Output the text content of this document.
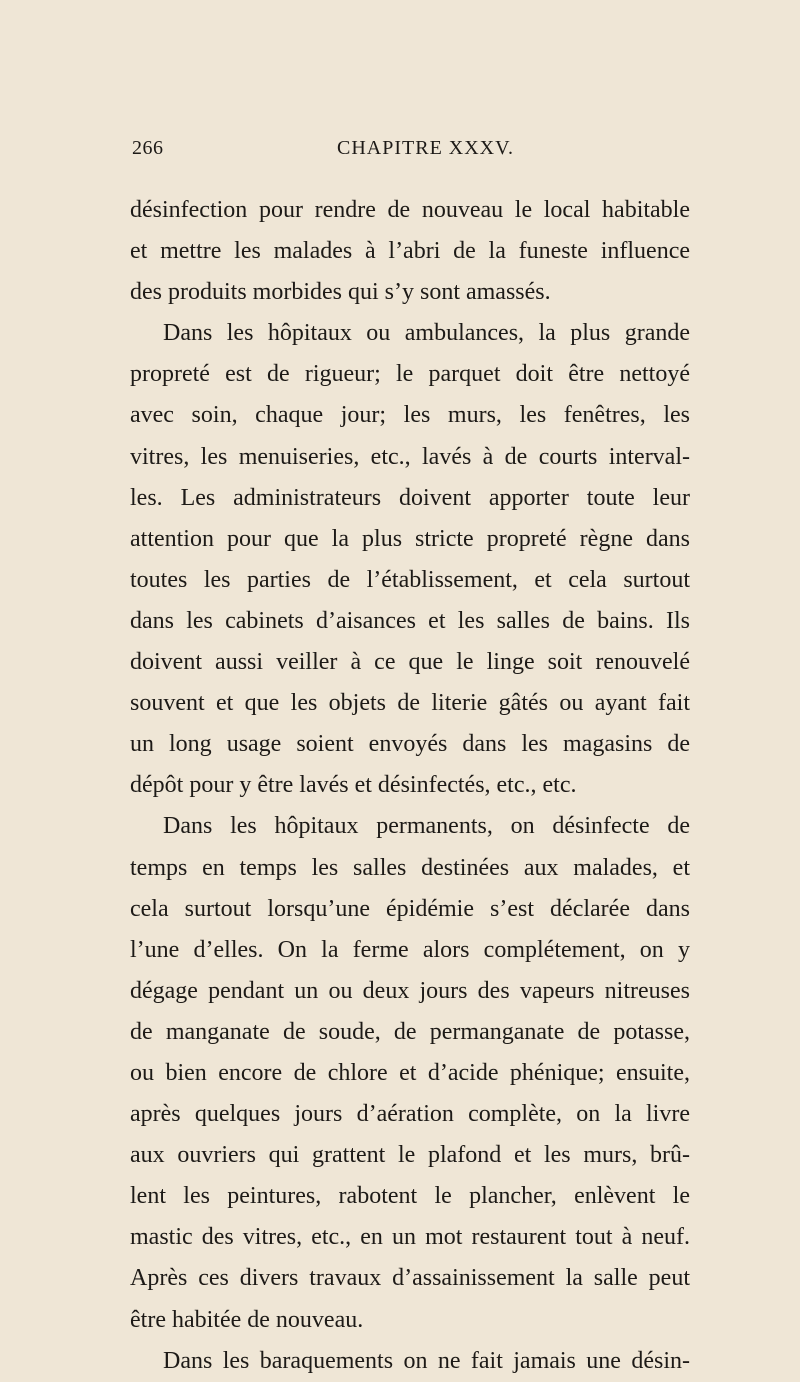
266	CHAPITRE XXXV.
désinfection pour rendre de nouveau le local habitable
et mettre les malades à l’abri de la funeste influence
des produits morbides qui s’y sont amassés.
Dans les hôpitaux ou ambulances, la plus grande
propreté est de rigueur; le parquet doit être nettoyé
avec soin, chaque jour; les murs, les fenêtres, les
vitres, les menuiseries, etc., lavés à de courts interval-
les. Les administrateurs doivent apporter toute leur
attention pour que la plus stricte propreté règne dans
toutes les parties de l’établissement, et cela surtout
dans les cabinets d’aisances et les salles de bains. Ils
doivent aussi veiller à ce que le linge soit renouvelé
souvent et que les objets de literie gâtés ou ayant fait
un long usage soient envoyés dans les magasins de
dépôt pour y être lavés et désinfectés, etc., etc.
Dans les hôpitaux permanents, on désinfecte de
temps en temps les salles destinées aux malades, et
cela surtout lorsqu’une épidémie s’est déclarée dans
l’une d’elles. On la ferme alors complétement, on y
dégage pendant un ou deux jours des vapeurs nitreuses
de manganate de soude, de permanganate de potasse,
ou bien encore de chlore et d’acide phénique; ensuite,
après quelques jours d’aération complète, on la livre
aux ouvriers qui grattent le plafond et les murs, brû-
lent les peintures, rabotent le plancher, enlèvent le
mastic des vitres, etc., en un mot restaurent tout à neuf.
Après ces divers travaux d’assainissement la salle peut
être habitée de nouveau.
Dans les baraquements on ne fait jamais une désin-
